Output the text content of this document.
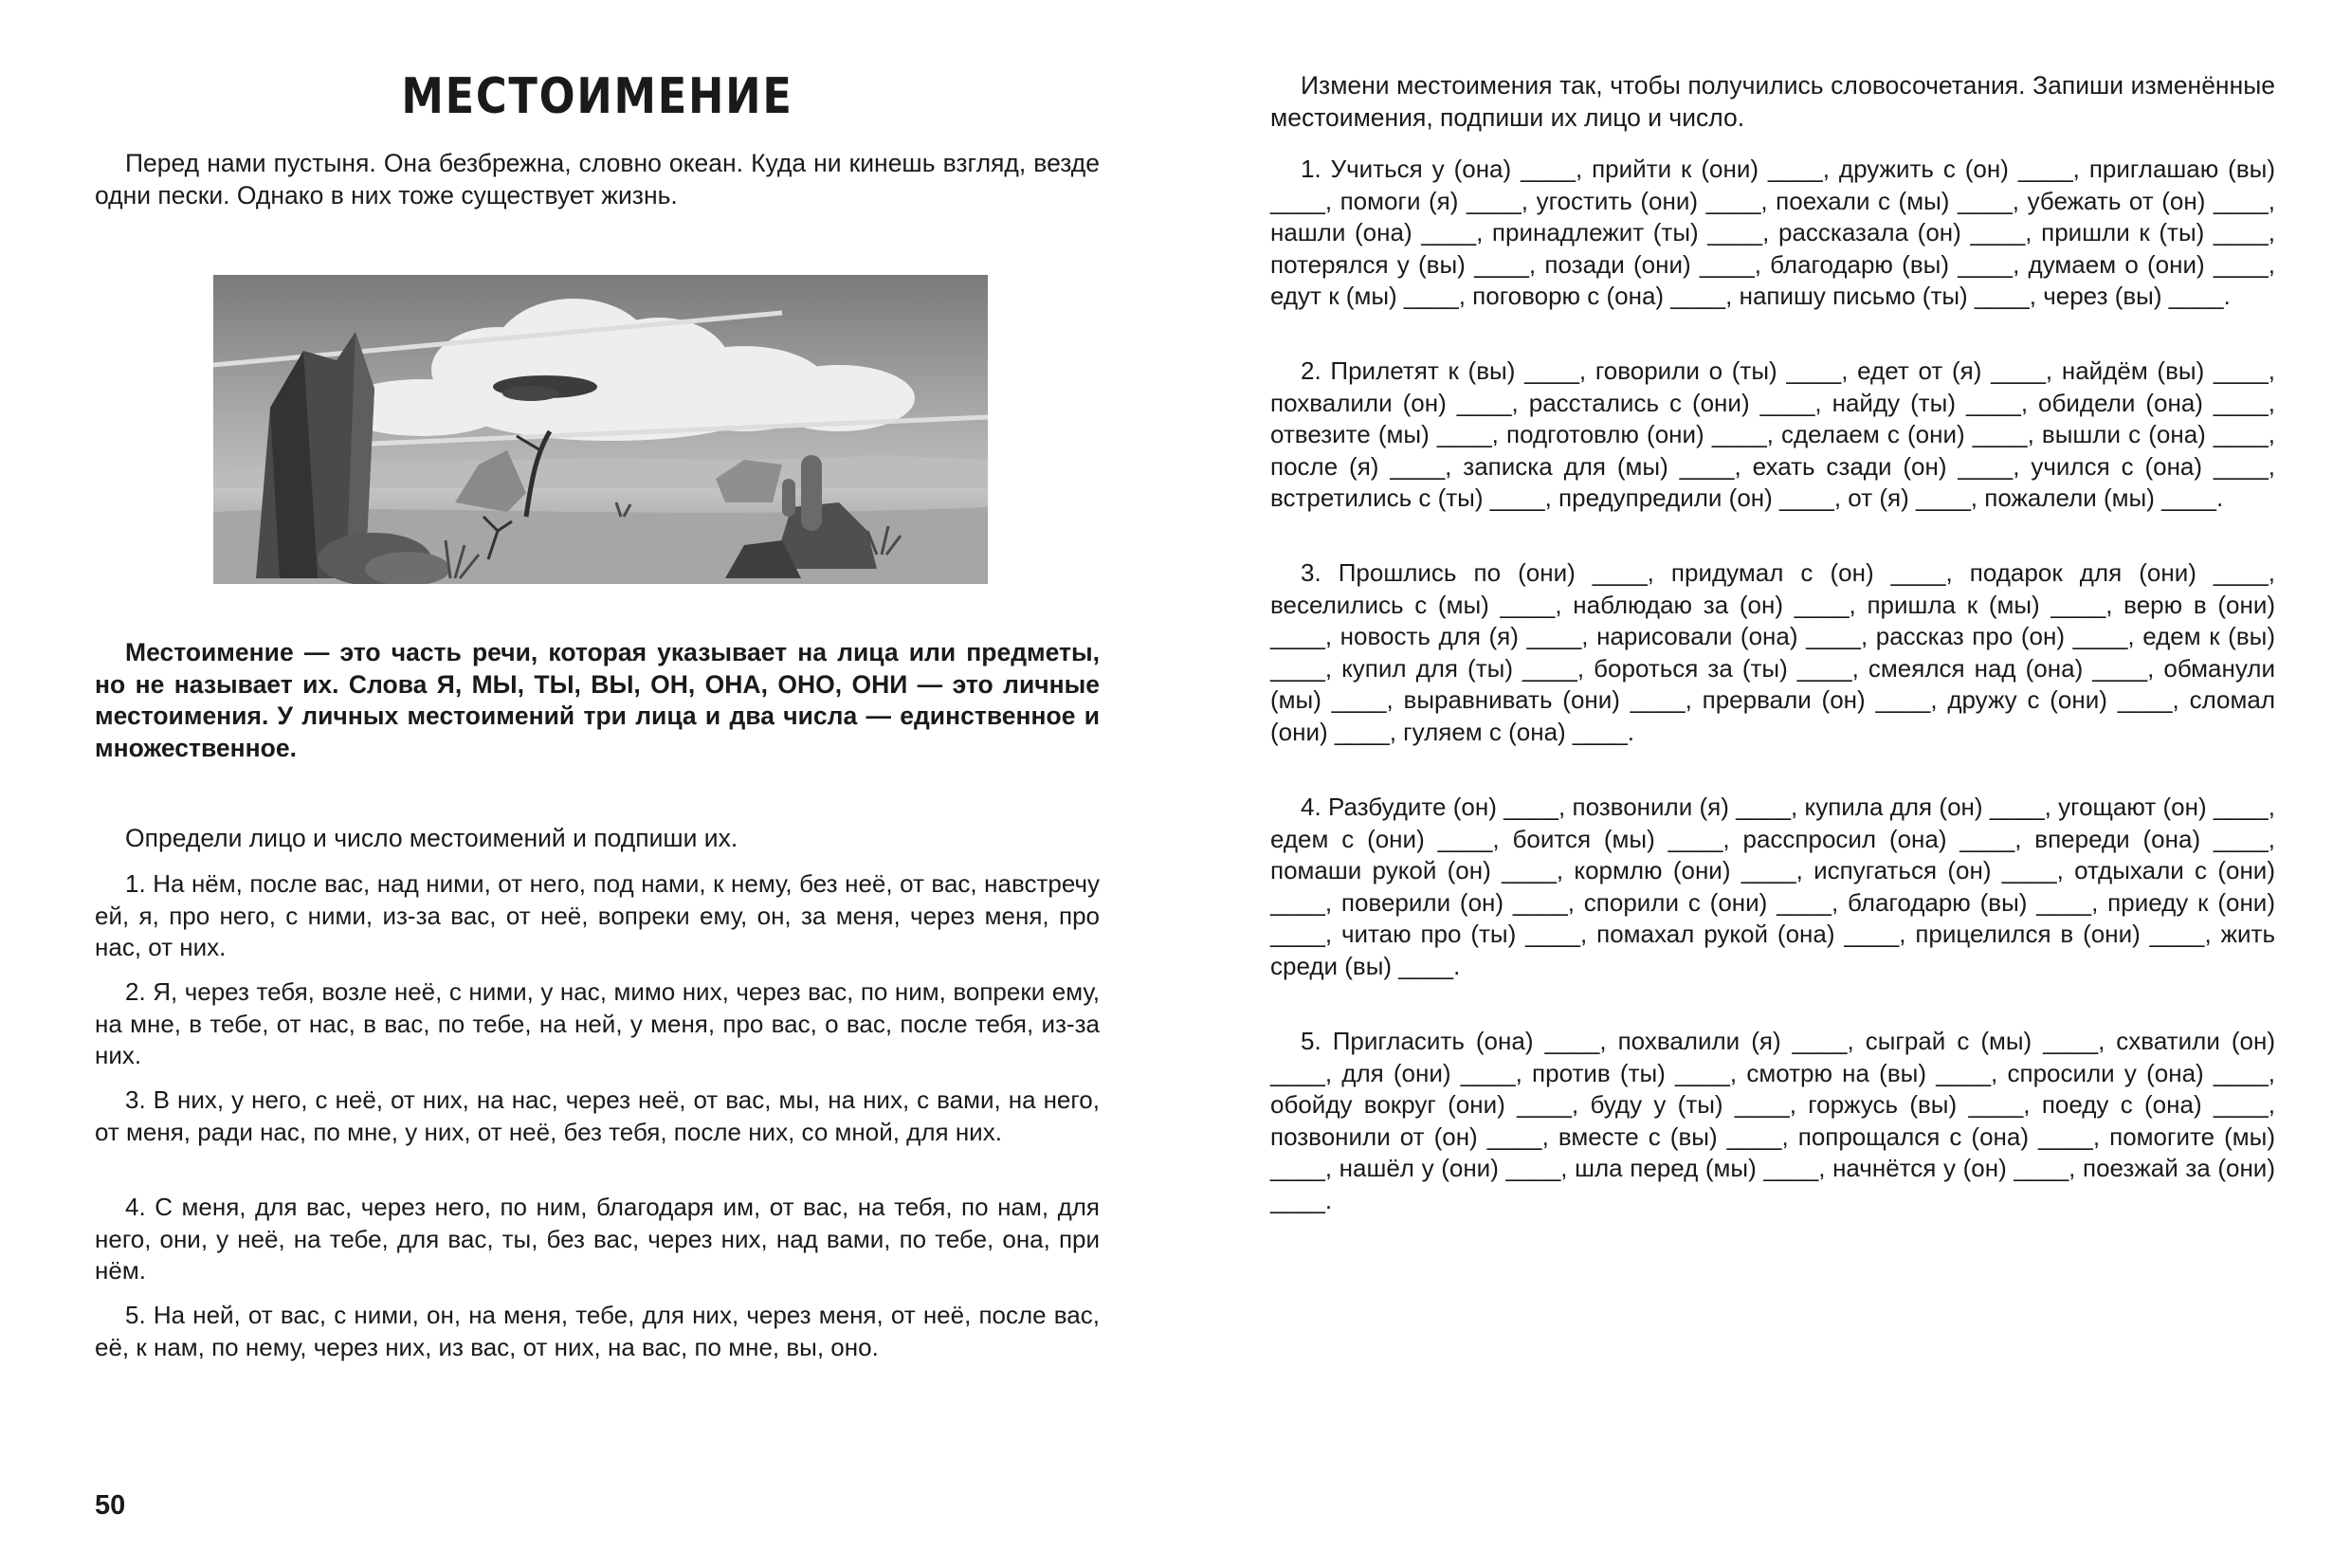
МЕСТОИМЕНИЕ

Перед нами пустыня. Она безбрежна, словно океан. Куда ни кинешь взгляд, везде одни пески. Однако в них тоже существует жизнь.

Местоимение — это часть речи, которая указывает на лица или предметы, но не называет их. Слова Я, МЫ, ТЫ, ВЫ, ОН, ОНА, ОНО, ОНИ — это личные местоимения. У личных местоимений три лица и два числа — единственное и множественное.

Определи лицо и число местоимений и подпиши их.

1. На нём, после вас, над ними, от него, под нами, к нему, без неё, от вас, навстречу ей, я, про него, с ними, из-за вас, от неё, вопреки ему, он, за меня, через меня, про нас, от них.

2. Я, через тебя, возле неё, с ними, у нас, мимо них, через вас, по ним, вопреки ему, на мне, в тебе, от нас, в вас, по тебе, на ней, у меня, про вас, о вас, после тебя, из-за них.

3. В них, у него, с неё, от них, на нас, через неё, от вас, мы, на них, с вами, на него, от меня, ради нас, по мне, у них, от неё, без тебя, после них, со мной, для них.

4. С меня, для вас, через него, по ним, благодаря им, от вас, на тебя, по нам, для него, они, у неё, на тебе, для вас, ты, без вас, через них, над вами, по тебе, она, при нём.

5. На ней, от вас, с ними, он, на меня, тебе, для них, через меня, от неё, после вас, её, к нам, по нему, через них, из вас, от них, на вас, по мне, вы, оно.

50

Измени местоимения так, чтобы получились словосочетания. Запиши изменённые местоимения, подпиши их лицо и число.

1. Учиться у (она) ____, прийти к (они) ____, дружить с (он) ____, приглашаю (вы) ____, помоги (я) ____, угостить (они) ____, поехали с (мы) ____, убежать от (он) ____, нашли (она) ____, принадлежит (ты) ____, рассказала (он) ____, пришли к (ты) ____, потерялся у (вы) ____, позади (они) ____, благодарю (вы) ____, думаем о (они) ____, едут к (мы) ____, поговорю с (она) ____, напишу письмо (ты) ____, через (вы) ____.

2. Прилетят к (вы) ____, говорили о (ты) ____, едет от (я) ____, найдём (вы) ____, похвалили (он) ____, расстались с (они) ____, найду (ты) ____, обидели (она) ____, отвезите (мы) ____, подготовлю (они) ____, сделаем с (они) ____, вышли с (она) ____, после (я) ____, записка для (мы) ____, ехать сзади (он) ____, учился с (она) ____, встретились с (ты) ____, предупредили (он) ____, от (я) ____, пожалели (мы) ____.

3. Прошлись по (они) ____, придумал с (он) ____, подарок для (они) ____, веселились с (мы) ____, наблюдаю за (он) ____, пришла к (мы) ____, верю в (они) ____, новость для (я) ____, нарисовали (она) ____, рассказ про (он) ____, едем к (вы) ____, купил для (ты) ____, бороться за (ты) ____, смеялся над (она) ____, обманули (мы) ____, выравнивать (они) ____, прервали (он) ____, дружу с (они) ____, сломал (они) ____, гуляем с (она) ____.

4. Разбудите (он) ____, позвонили (я) ____, купила для (он) ____, угощают (он) ____, едем с (они) ____, боится (мы) ____, расспросил (она) ____, впереди (она) ____, помаши рукой (он) ____, кормлю (они) ____, испугаться (он) ____, отдыхали с (они) ____, поверили (он) ____, спорили с (они) ____, благодарю (вы) ____, приеду к (они) ____, читаю про (ты) ____, помахал рукой (она) ____, прицелился в (они) ____, жить среди (вы) ____.

5. Пригласить (она) ____, похвалили (я) ____, сыграй с (мы) ____, схватили (он) ____, для (они) ____, против (ты) ____, смотрю на (вы) ____, спросили у (она) ____, обойду вокруг (они) ____, буду у (ты) ____, горжусь (вы) ____, поеду с (она) ____, позвонили от (он) ____, вместе с (вы) ____, попрощался с (она) ____, помогите (мы) ____, нашёл у (они) ____, шла перед (мы) ____, начнётся у (он) ____, поезжай за (они) ____.
